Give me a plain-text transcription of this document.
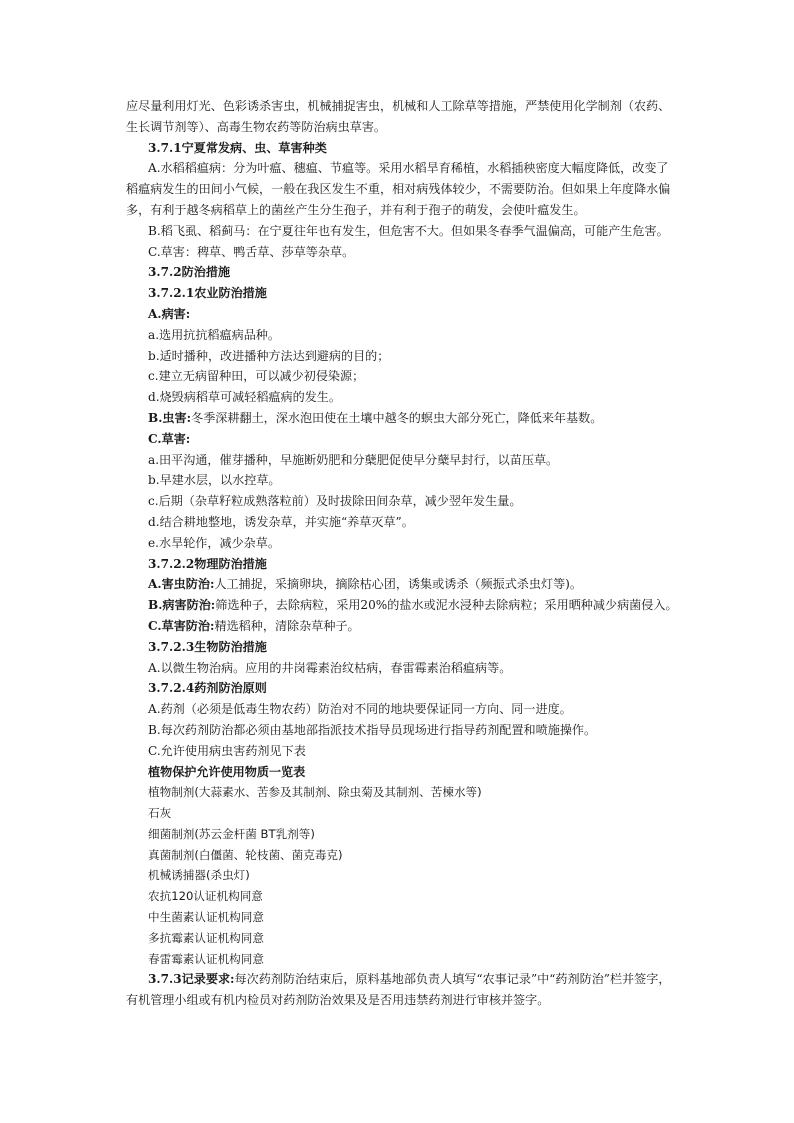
应尽量利用灯光、色彩诱杀害虫，机械捕捉害虫，机械和人工除草等措施，严禁使用化学制剂（农药、
生长调节剂等）、高毒生物农药等防治病虫草害。
3.7.1宁夏常发病、虫、草害种类
A.水稻稻瘟病：分为叶瘟、穗瘟、节瘟等。采用水稻旱育稀植，水稻插秧密度大幅度降低，改变了
稻瘟病发生的田间小气候，一般在我区发生不重，相对病残体较少，不需要防治。但如果上年度降水偏
多，有利于越冬病稻草上的菌丝产生分生孢子，并有利于孢子的萌发，会使叶瘟发生。
B.稻飞虱、稻蓟马：在宁夏往年也有发生，但危害不大。但如果冬春季气温偏高，可能产生危害。
C.草害：稗草、鸭舌草、莎草等杂草。
3.7.2防治措施
3.7.2.1农业防治措施
A.病害:
a.选用抗抗稻瘟病品种。
b.适时播种，改进播种方法达到避病的目的；
c.建立无病留种田，可以减少初侵染源；
d.烧毁病稻草可减轻稻瘟病的发生。
B.虫害:冬季深耕翻土，深水泡田使在土壤中越冬的螟虫大部分死亡，降低来年基数。
C.草害:
a.田平沟通，催芽播种，早施断奶肥和分蘖肥促使早分蘖早封行，以苗压草。
b.早建水层，以水控草。
c.后期（杂草籽粒成熟落粒前）及时拔除田间杂草，减少翌年发生量。
d.结合耕地整地，诱发杂草，并实施“养草灭草”。
e.水旱轮作，减少杂草。
3.7.2.2物理防治措施
A.害虫防治:人工捕捉，采摘卵块，摘除枯心团，诱集或诱杀（频振式杀虫灯等)。
B.病害防治:筛选种子，去除病粒，采用20%的盐水或泥水浸种去除病粒；采用晒种减少病菌侵入。
C.草害防治:精选稻种，清除杂草种子。
3.7.2.3生物防治措施
A.以微生物治病。应用的井岗霉素治纹枯病，春雷霉素治稻瘟病等。
3.7.2.4药剂防治原则
A.药剂（必须是低毒生物农药）防治对不同的地块要保证同一方向、同一进度。
B.每次药剂防治都必须由基地部指派技术指导员现场进行指导药剂配置和喷施操作。
C.允许使用病虫害药剂见下表
植物保护允许使用物质一览表
植物制剂(大蒜素水、苦参及其制剂、除虫菊及其制剂、苦楝水等)
石灰
细菌制剂(苏云金杆菌 BT乳剂等)
真菌制剂(白僵菌、轮枝菌、菌克毒克)
机械诱捕器(杀虫灯)
农抗120认证机构同意
中生菌素认证机构同意
多抗霉素认证机构同意
春雷霉素认证机构同意
3.7.3记录要求:每次药剂防治结束后，原料基地部负责人填写“农事记录”中“药剂防治”栏并签字，
有机管理小组或有机内检员对药剂防治效果及是否用违禁药剂进行审核并签字。
